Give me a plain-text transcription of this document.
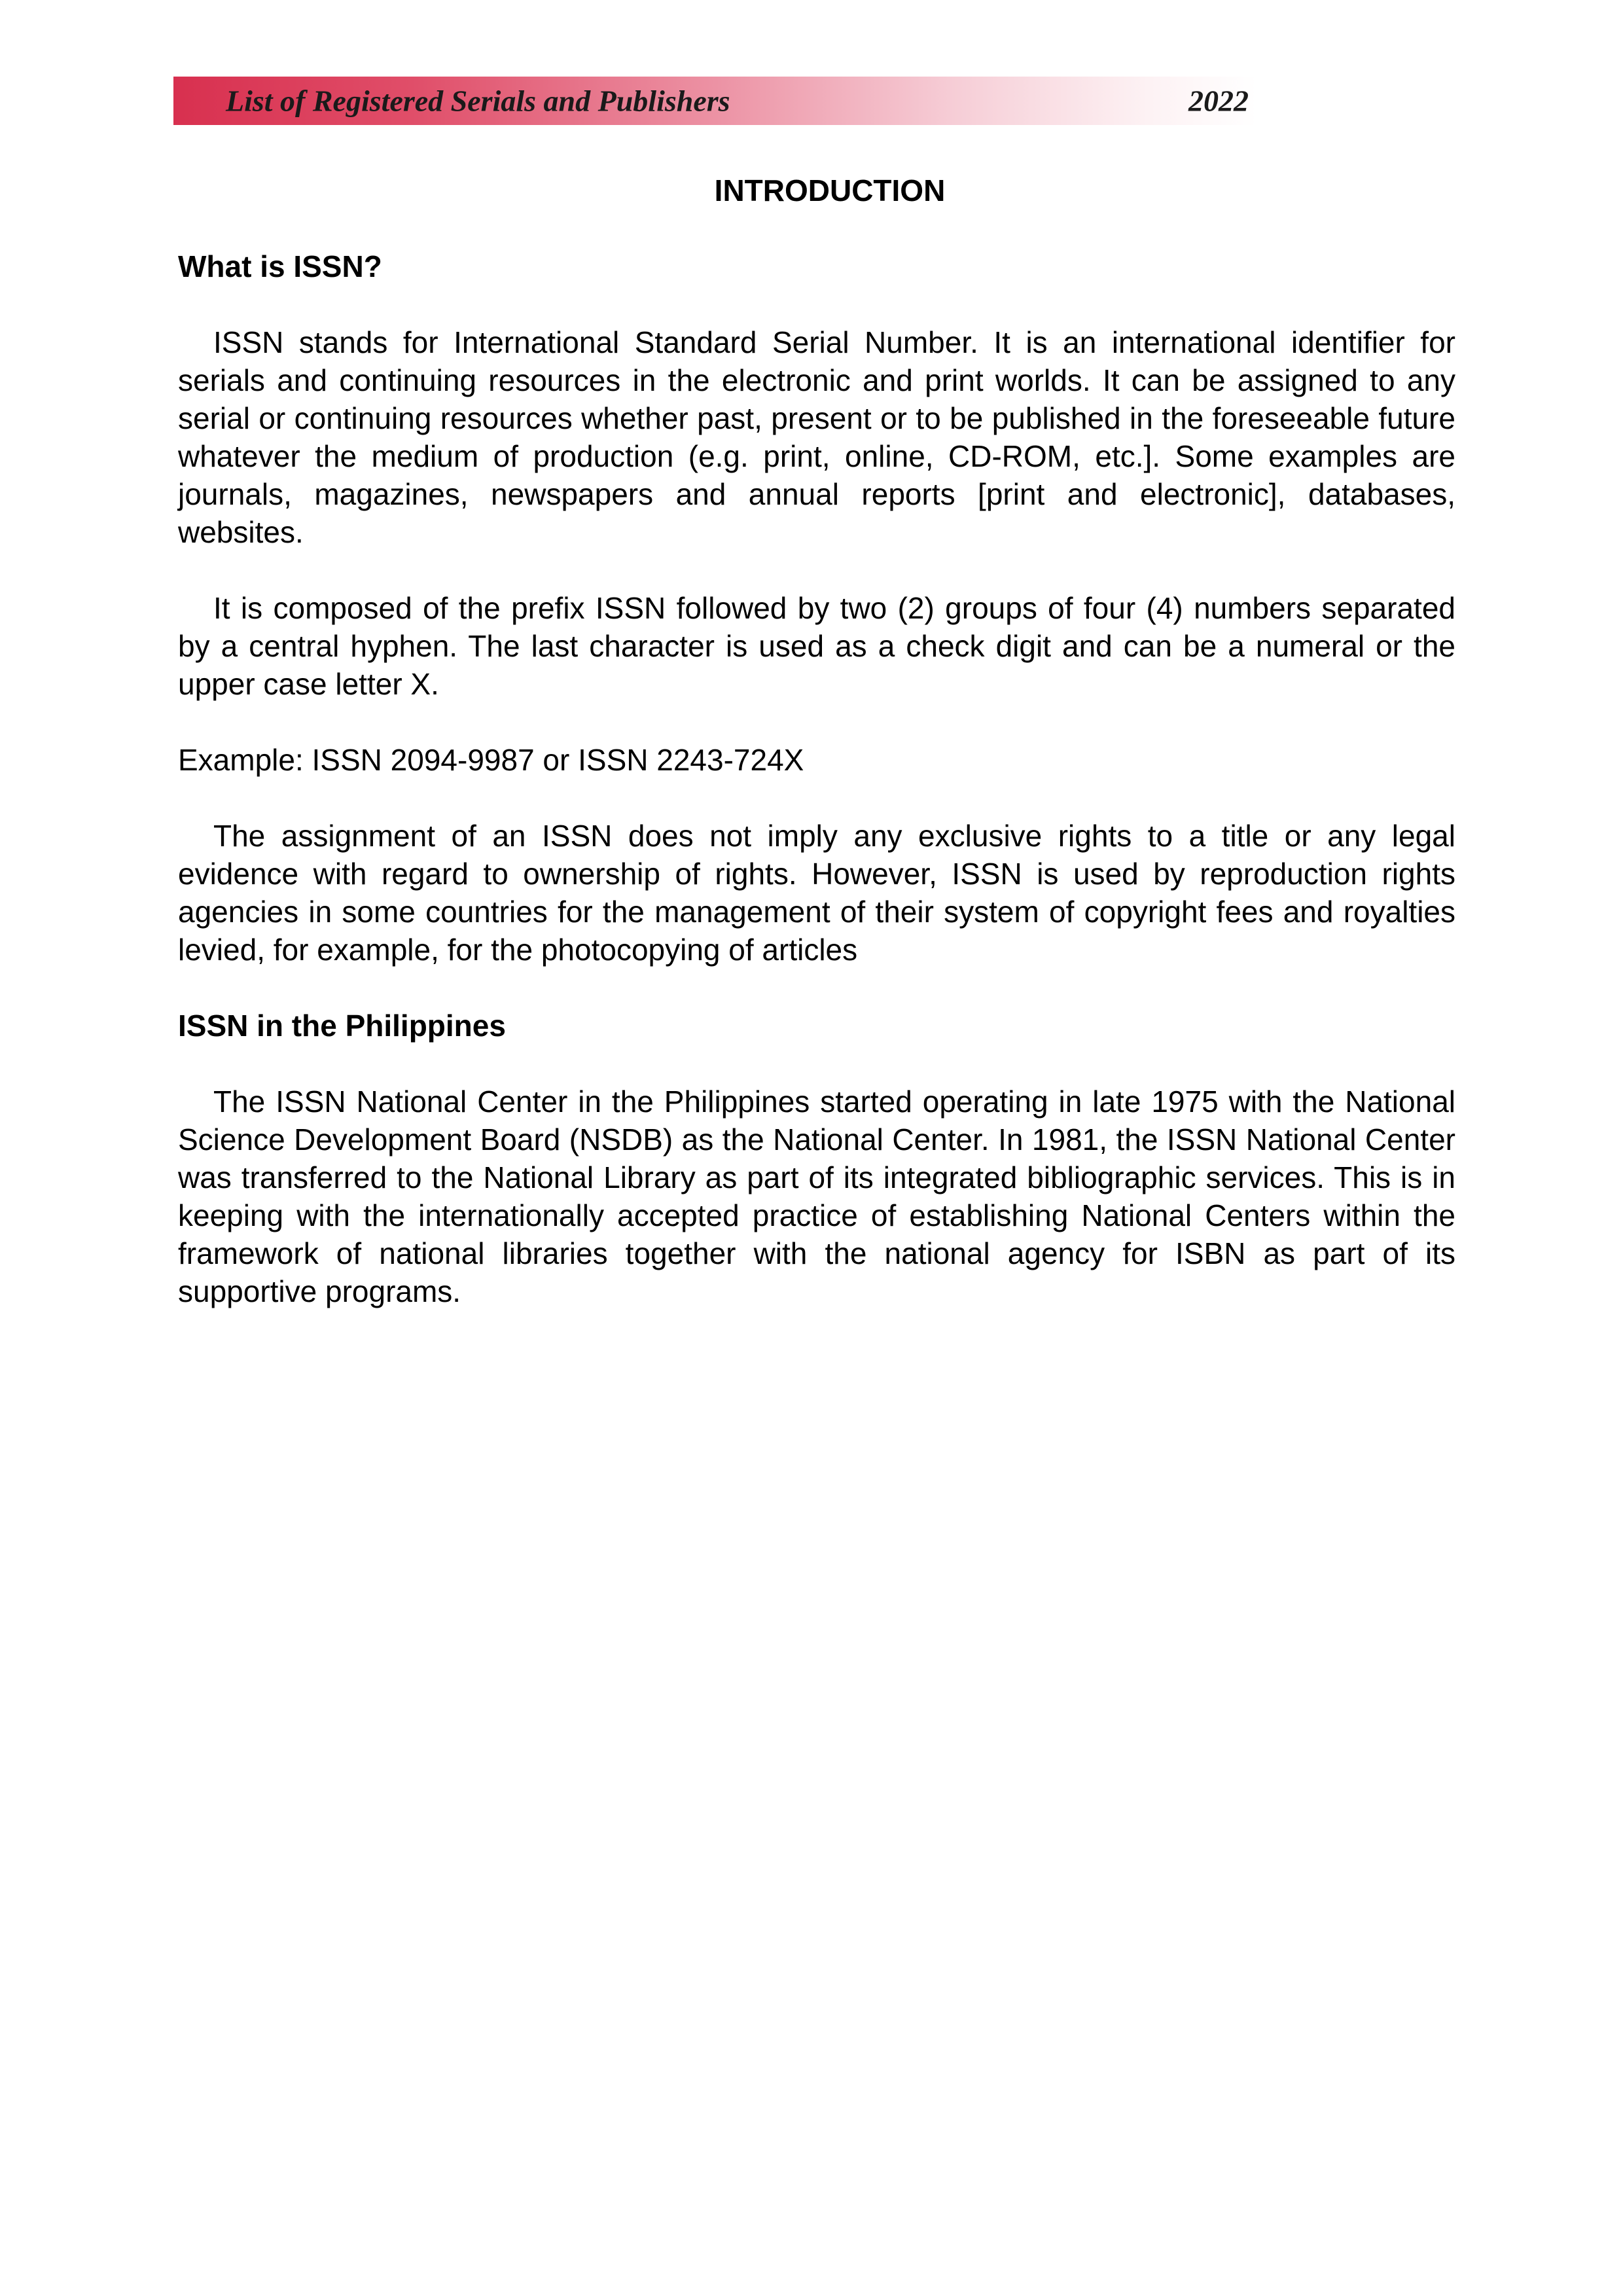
List of Registered Serials and Publishers	2022
INTRODUCTION
What is ISSN?

ISSN stands for International Standard Serial Number. It is an international identifier for serials and continuing resources in the electronic and print worlds. It can be assigned to any serial or continuing resources whether past, present or to be published in the foreseeable future whatever the medium of production (e.g. print, online, CD-ROM, etc.]. Some examples are journals, magazines, newspapers and annual reports [print and electronic], databases, websites.

It is composed of the prefix ISSN followed by two (2) groups of four (4) numbers separated by a central hyphen. The last character is used as a check digit and can be a numeral or the upper case letter X.

Example: ISSN 2094-9987 or ISSN 2243-724X

The assignment of an ISSN does not imply any exclusive rights to a title or any legal evidence with regard to ownership of rights. However, ISSN is used by reproduction rights agencies in some countries for the management of their system of copyright fees and royalties levied, for example, for the photocopying of articles

ISSN in the Philippines

The ISSN National Center in the Philippines started operating in late 1975 with the National Science Development Board (NSDB) as the National Center. In 1981, the ISSN National Center was transferred to the National Library as part of its integrated bibliographic services. This is in keeping with the internationally accepted practice of establishing National Centers within the framework of national libraries together with the national agency for ISBN as part of its supportive programs.
